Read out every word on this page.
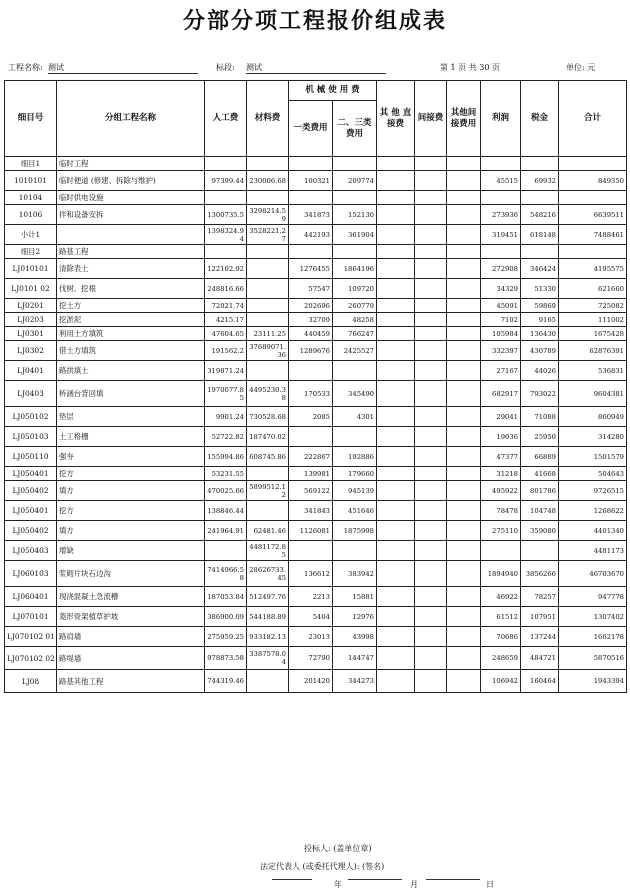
分部分项工程报价组成表
工程名称: 测试	标段: 测试	第 1 页 共 30 页	单位: 元
细目号	分组工程名称	人工费	材料费	机 械 使 用 费		其 他 直接费	间接费	其他间接费用	利润	税金	合计
				一类费用	二、三类费用						
细目1	临时工程										
1010101	临时便道 (修建、拆除与维护)	97399.44	230006.68	100321	209774				45515	69932	849350
10104	临时供电设施										
10106	拌和设备安拆	1300735.5	3298214.59	341873	152130				273936	548216	6639511
小计1		1398324.94	3528221.27	442193	361904				319451	618148	7488461
细目2	路基工程										
LJ010101	清除表土	122102.92		1276455	1864196				272908	346424	4195575
LJ0101 02	伐树、挖根	248816.66		57547	109720				34329	51330	621660
LJ0201	挖土方	72021.74		202696	260779				45091	59869	725082
LJ0203	挖淤泥	4215.17		32709	48258				7102	9165	111002
LJ0301	利用土方填筑	47604.65	23111.25	440459	766247				105984	136430	1675428
LJ0302	借土方填筑	191562.2	37689071.36	1289676	2425527				332397	430789	62876391
LJ0401	路拱填土	319871.24							27167	44026	536831
LJ0403	桥涵台背回填	1970077.85	4495230.38	170533	345490				682917	793022	9604381
LJ050102	垫层	9901.24	730528.68	2085	4301				29041	71088	860949
LJ050103	土工格栅	52722.82	187470.02						19036	25950	314280
LJ050110	强夯	155994.86	608745.86	222867	192886				47377	66889	1501579
LJ050401	挖方	53231.55		139981	179660				31218	41668	504643
LJ050402	填方	470025.66	5899512.12	569122	945139				495922	801786	9726515
LJ050401	挖方	138846.44		341843	451646				78478	104748	1268622
LJ050402	填方	241964.91	62481.46	1126081	1875998				275110	359080	4401340
LJ050403	增缺		4481172.85								4481173
LJ060103	浆砌片块石边沟	7414966.58	28626733.45	136612	383942				1894940	3856266	46703670
LJ060401	现浇混凝土急流槽	187053.84	512497.76	2213	15881				46922	78257	947778
LJ070101	菱形骨架植草护坡	386900.09	544188.89	5404	12976				61512	107951	1307402
LJ070102 01	路肩墙	275959.25	933182.13	23013	43998				70686	137244	1662178
LJ070102 02	路堤墙	978873.58	3387578.04	72790	144747				248659	484721	5870516
LJ08	路基其他工程	744319.46		201420	344273				106942	160464	1943394
投标人: (盖单位章)
法定代表人 (或委托代理人): (签名)
年	月	日
